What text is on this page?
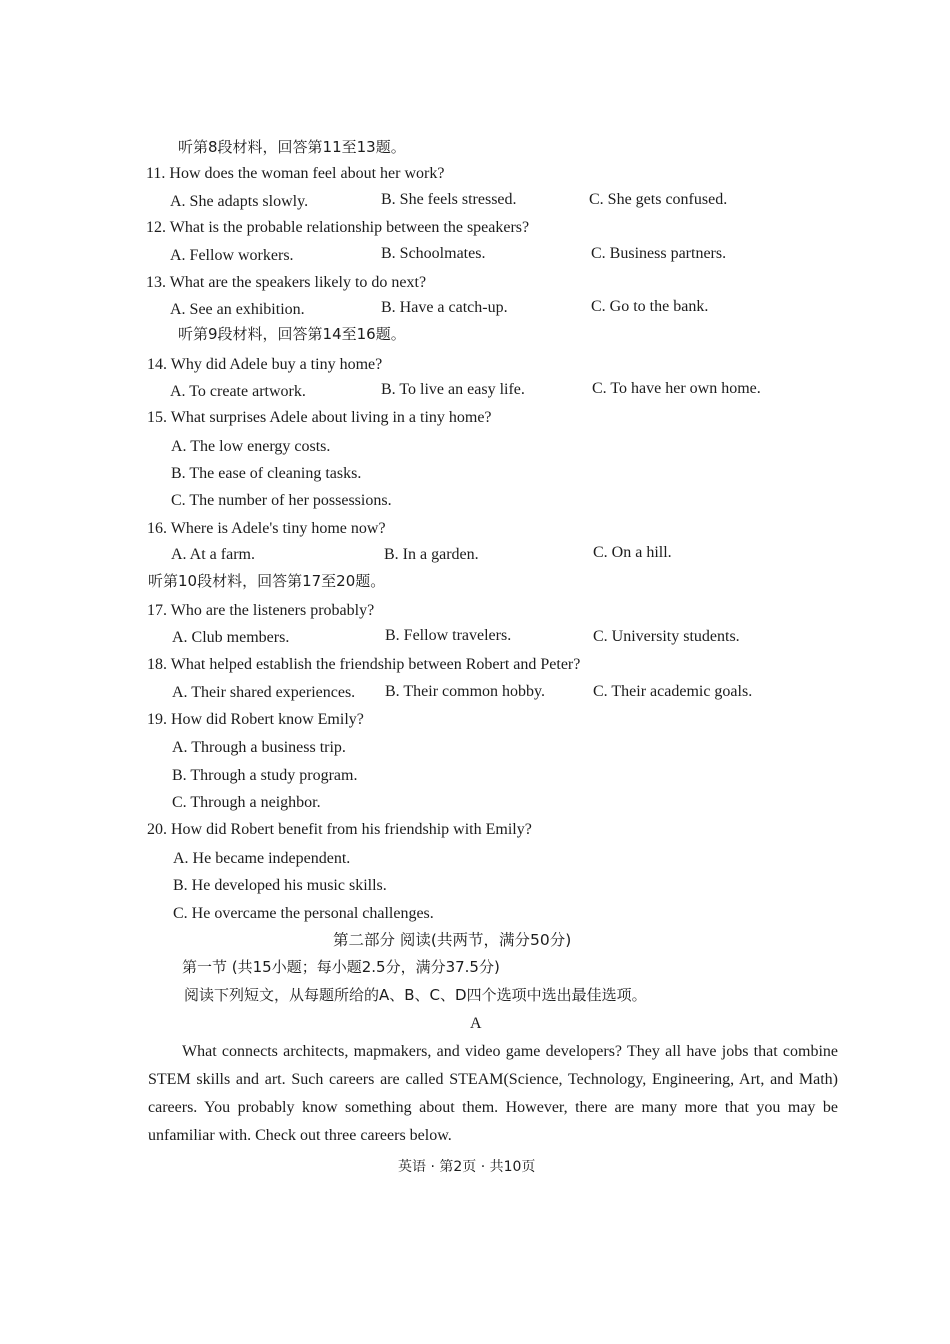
听第8段材料，回答第11至13题。
11. How does the woman feel about her work?
A. She adapts slowly.	B. She feels stressed.	C. She gets confused.
12. What is the probable relationship between the speakers?
A. Fellow workers.	B. Schoolmates.	C. Business partners.
13. What are the speakers likely to do next?
A. See an exhibition.	B. Have a catch-up.	C. Go to the bank.
听第9段材料，回答第14至16题。
14. Why did Adele buy a tiny home?
A. To create artwork.	B. To live an easy life.	C. To have her own home.
15. What surprises Adele about living in a tiny home?
A. The low energy costs.
B. The ease of cleaning tasks.
C. The number of her possessions.
16. Where is Adele's tiny home now?
A. At a farm.	B. In a garden.	C. On a hill.
听第10段材料，回答第17至20题。
17. Who are the listeners probably?
A. Club members.	B. Fellow travelers.	C. University students.
18. What helped establish the friendship between Robert and Peter?
A. Their shared experiences. B. Their common hobby.	C. Their academic goals.
19. How did Robert know Emily?
A. Through a business trip.
B. Through a study program.
C. Through a neighbor.
20. How did Robert benefit from his friendship with Emily?
A. He became independent.
B. He developed his music skills.
C. He overcame the personal challenges.
第二部分 阅读(共两节，满分50分)
第一节 (共15小题；每小题2.5分，满分37.5分)
阅读下列短文，从每题所给的A、B、C、D四个选项中选出最佳选项。
A
What connects architects, mapmakers, and video game developers? They all have jobs that combine STEM skills and art. Such careers are called STEAM(Science, Technology, Engineering, Art, and Math) careers. You probably know something about them. However, there are many more that you may be unfamiliar with. Check out three careers below.
英语 · 第2页 · 共10页
